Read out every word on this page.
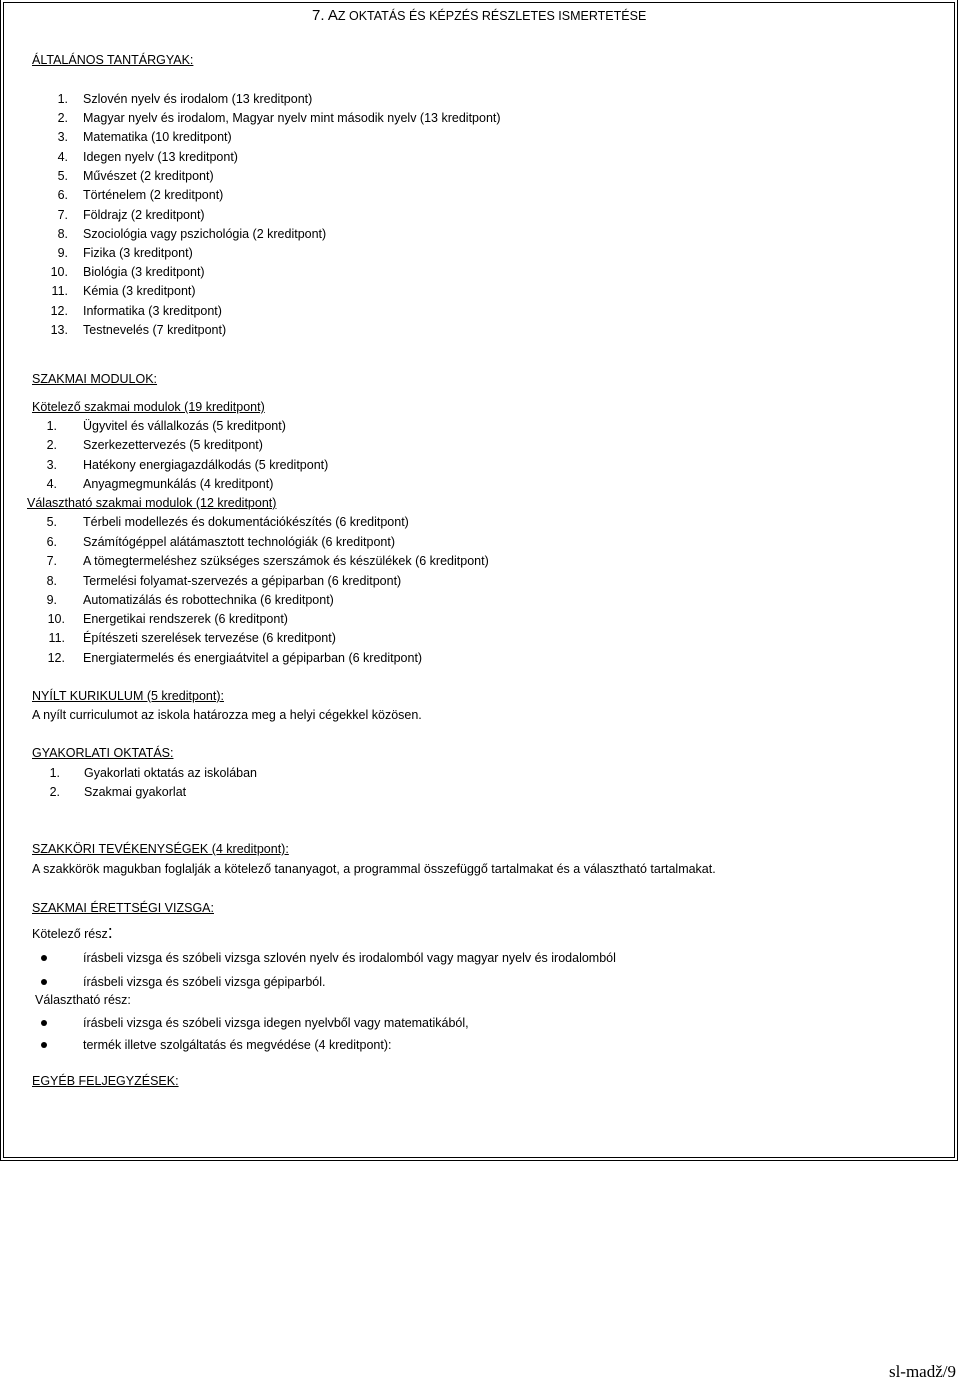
7. AZ OKTATÁS ÉS KÉPZÉS RÉSZLETES ISMERTETÉSE
ÁLTALÁNOS TANTÁRGYAK:
1. Szlovén nyelv és irodalom (13 kreditpont)
2. Magyar nyelv és irodalom, Magyar nyelv mint második nyelv (13 kreditpont)
3. Matematika (10 kreditpont)
4. Idegen nyelv (13 kreditpont)
5. Művészet (2 kreditpont)
6. Történelem (2 kreditpont)
7. Földrajz (2 kreditpont)
8. Szociológia vagy pszichológia (2 kreditpont)
9. Fizika (3 kreditpont)
10. Biológia (3 kreditpont)
11. Kémia (3 kreditpont)
12. Informatika (3 kreditpont)
13. Testnevelés (7 kreditpont)
SZAKMAI MODULOK:
Kötelező szakmai modulok (19 kreditpont)
1. Ügyvitel és vállalkozás (5 kreditpont)
2. Szerkezettervezés (5 kreditpont)
3. Hatékony energiagazdálkodás (5 kreditpont)
4. Anyagmegmunkálás (4 kreditpont)
Választható szakmai modulok (12 kreditpont)
5. Térbeli modellezés és dokumentációkészítés (6 kreditpont)
6. Számítógéppel alátámasztott technológiák (6 kreditpont)
7. A tömegtermeléshez szükséges szerszámok és készülékek (6 kreditpont)
8. Termelési folyamat-szervezés a gépiparban (6 kreditpont)
9. Automatizálás és robottechnika (6 kreditpont)
10. Energetikai rendszerek (6 kreditpont)
11. Építészeti szerelések tervezése (6 kreditpont)
12. Energiatermelés és energiaátvitel a gépiparban (6 kreditpont)
NYÍLT KURIKULUM (5 kreditpont):
A nyílt curriculumot az iskola határozza meg a helyi cégekkel közösen.
GYAKORLATI OKTATÁS:
1. Gyakorlati oktatás az iskolában
2. Szakmai gyakorlat
SZAKKÖRI TEVÉKENYSÉGEK (4 kreditpont):
A szakkörök magukban foglalják a kötelező tananyagot, a programmal összefüggő tartalmakat és a választható tartalmakat.
SZAKMAI ÉRETTSÉGI VIZSGA:
Kötelező rész:
írásbeli vizsga és szóbeli vizsga szlovén nyelv és irodalomból vagy magyar nyelv és irodalomból
írásbeli vizsga és szóbeli vizsga gépiparból.
Választható rész:
írásbeli vizsga és szóbeli vizsga idegen nyelvből vagy matematikából,
termék illetve szolgáltatás és megvédése (4 kreditpont):
EGYÉB FELJEGYZÉSEK:
sl-madž/9
